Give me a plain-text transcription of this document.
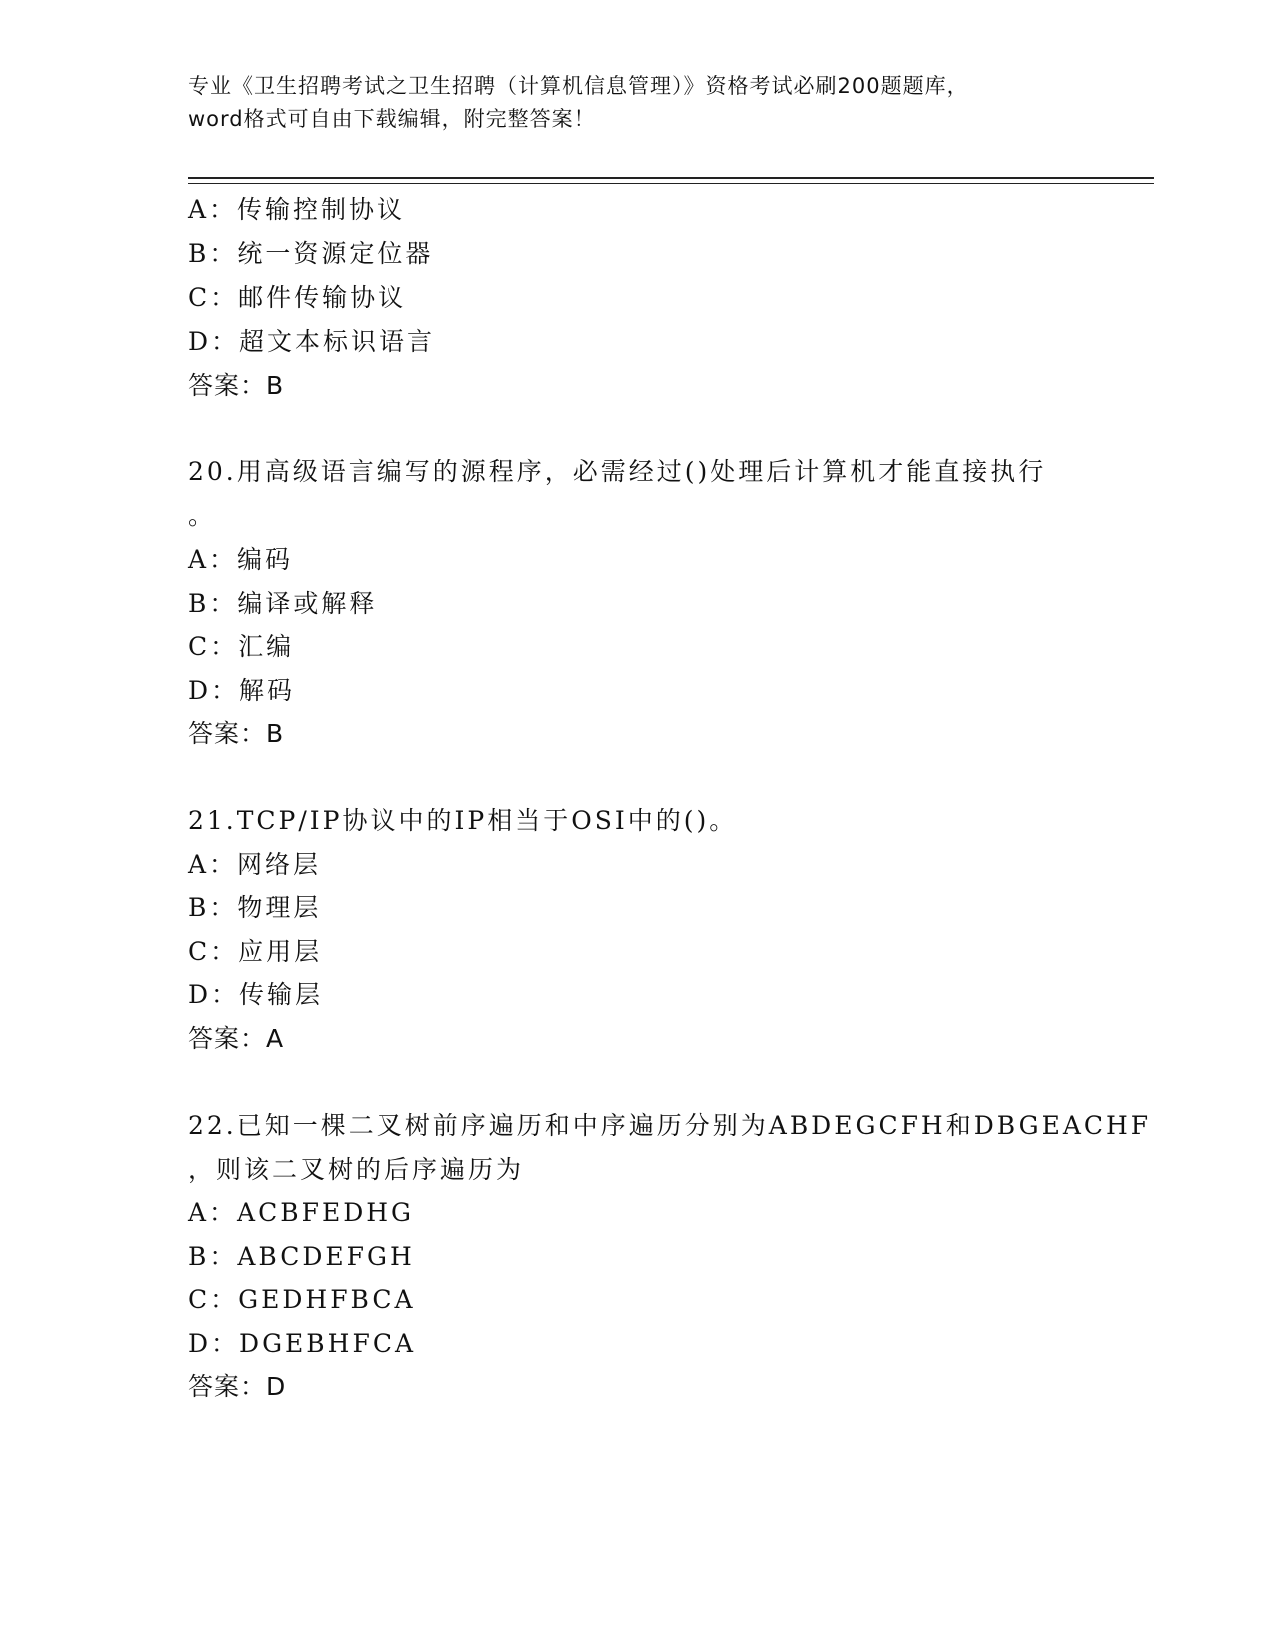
专业《卫生招聘考试之卫生招聘（计算机信息管理）》资格考试必刷200题题库，
word格式可自由下载编辑，附完整答案！
A：传输控制协议
B：统一资源定位器
C：邮件传输协议
D：超文本标识语言
答案：B
20.用高级语言编写的源程序，必需经过()处理后计算机才能直接执行
。
A：编码
B：编译或解释
C：汇编
D：解码
答案：B
21.TCP/IP协议中的IP相当于OSI中的()。
A：网络层
B：物理层
C：应用层
D：传输层
答案：A
22.已知一棵二叉树前序遍历和中序遍历分别为ABDEGCFH和DBGEACHF
，则该二叉树的后序遍历为
A：ACBFEDHG
B：ABCDEFGH
C：GEDHFBCA
D：DGEBHFCA
答案：D
